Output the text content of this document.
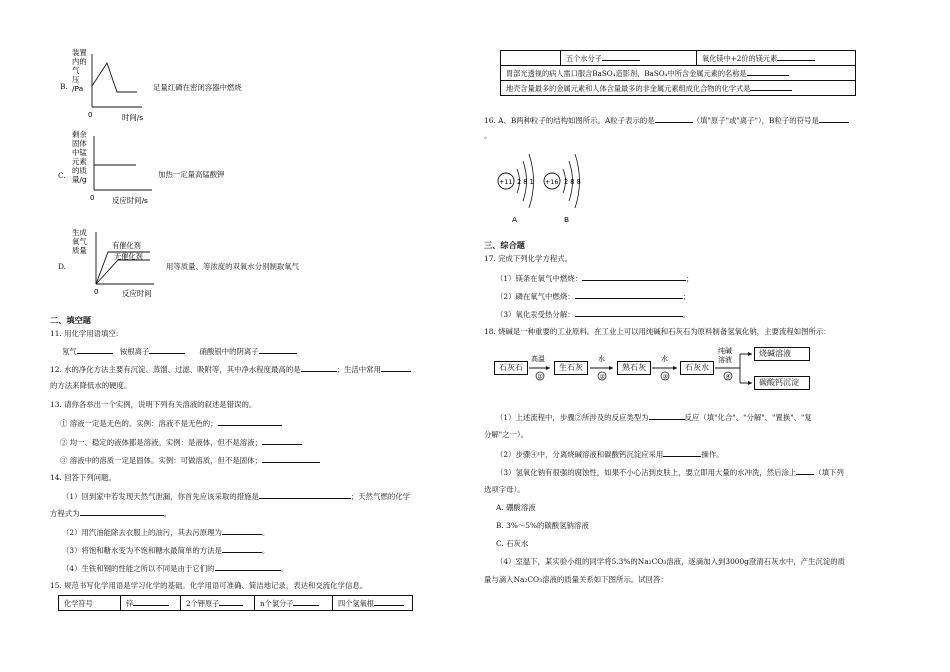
B.
装置
内的
气
压
/Pa
0	时间/s
足量红磷在密闭容器中燃烧
C.
剩余
固体
中锰
元素
的质
量/g
0 反应时间/s
加热一定量高锰酸钾
D.
生成
氧气
质量
有催化剂
无催化剂
0	反应时间
用等质量、等浓度的双氧水分别制取氧气
二、填空题
11. 用化学用语填空:
氖气	铵根离子	硝酸银中的阴离子
12. 水的净化方法主要有沉淀、蒸馏、过滤、吸附等，其中净水程度最高的是	；生活中常用
的方法来降低水的硬度。
13. 请你各举出一个实例，说明下列有关溶液的叙述是错误的。
① 溶液一定是无色的。实例：溶液不是无色的；
② 均一、稳定的液体都是溶液。实例：是液体，但不是溶液；
③ 溶液中的溶质一定是固体。实例：可做溶质，但不是固体；
14. 回答下列问题。
（1）回到家中若发现天然气泄漏，你首先应该采取的措施是	；天然气燃的化学
方程式为	。
（2）用汽油能除去衣服上的油污，其去污原理为	。
（3）将饱和糖水变为不饱和糖水最简单的方法是	。
（4）生铁和钢的性能之所以不同是由于它们的	。
15. 规范书写化学用语是学习化学的基础。化学用语可准确、简洁地记录，表达和交流化学信息。
化学符号	锌	2个钾原子	n个氯分子	四个氢氧根
	五个水分子	氧化镁中+2价的镁元素
胃部光透视的病人需口服含BaSO₄造影剂，BaSO₄中所含金属元素的名称是
地壳含量最多的金属元素和人体含量最多的非金属元素组成化合物的化学式是
16. A、B两种粒子的结构如图所示。A粒子表示的是	（填"原子"或"离子"），B粒子的符号是
。
+11 2 8 1
A
+16 2 8 8
B
三、综合题
17. 完成下列化学方程式。
（1）镁条在氧气中燃烧：	；
（2）磷在氧气中燃烧：	；
（3）氧化汞受热分解：	。
18. 烧碱是一种重要的工业原料。在工业上可以用纯碱和石灰石为原料制备氢氧化钠，主要流程如图所示：
石灰石
高温
①
生石灰
水
②
熟石灰
水
③
石灰水
纯碱
溶液
④
烧碱溶液
碳酸钙沉淀
（1）上述流程中，步骤②所涉及的反应类型为	反应（填"化合"、"分解"、"置换"、"复
分解"之一）。
（2）步骤④中，分离烧碱溶液和碳酸钙沉淀应采用	操作。
（3）氢氧化钠有很强的腐蚀性，如果不小心沾到皮肤上，要立即用大量的水冲洗，然后涂上 （填下列
选项字母）。
A. 硼酸溶液
B. 3%～5%的碳酸氢钠溶液
C. 石灰水
（4）室温下，某实验小组的同学将5.3%的Na₂CO₃溶液，逐滴加入到3000g澄清石灰水中，产生沉淀的质
量与滴入Na₂CO₃溶液的质量关系如下图所示。试回答：
